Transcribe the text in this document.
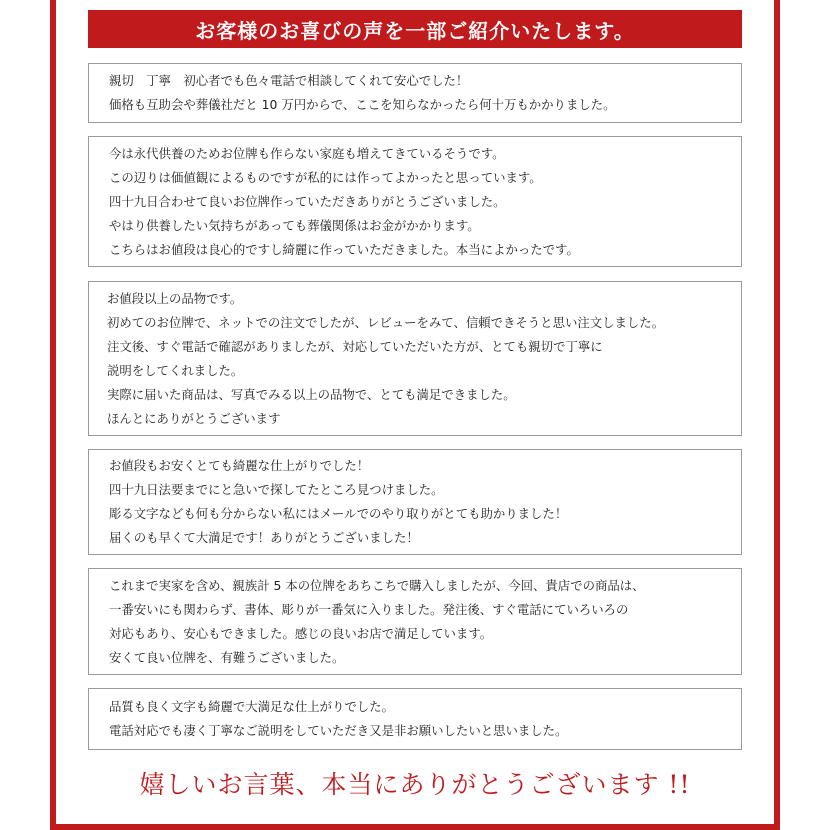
お客様のお喜びの声を一部ご紹介いたします。
親切　丁寧　初心者でも色々電話で相談してくれて安心でした！
価格も互助会や葬儀社だと 10 万円からで、ここを知らなかったら何十万もかかりました。
今は永代供養のためお位牌も作らない家庭も増えてきているそうです。
この辺りは価値観によるものですが私的には作ってよかったと思っています。
四十九日合わせて良いお位牌作っていただきありがとうございました。
やはり供養したい気持ちがあっても葬儀関係はお金がかかります。
こちらはお値段は良心的ですし綺麗に作っていただきました。本当によかったです。
お値段以上の品物です。
初めてのお位牌で、ネットでの注文でしたが、レビューをみて、信頼できそうと思い注文しました。
注文後、すぐ電話で確認がありましたが、対応していただいた方が、とても親切で丁寧に
説明をしてくれました。
実際に届いた商品は、写真でみる以上の品物で、とても満足できました。
ほんとにありがとうございます
お値段もお安くとても綺麗な仕上がりでした！
四十九日法要までにと急いで探してたところ見つけました。
彫る文字なども何も分からない私にはメールでのやり取りがとても助かりました！
届くのも早くて大満足です！ありがとうございました！
これまで実家を含め、親族計 5 本の位牌をあちこちで購入しましたが、今回、貴店での商品は、
一番安いにも関わらず、書体、彫りが一番気に入りました。発注後、すぐ電話にていろいろの
対応もあり、安心もできました。感じの良いお店で満足しています。
安くて良い位牌を、有難うございました。
品質も良く文字も綺麗で大満足な仕上がりでした。
電話対応でも凄く丁寧なご説明をしていただき又是非お願いしたいと思いました。
嬉しいお言葉、本当にありがとうございます !!
